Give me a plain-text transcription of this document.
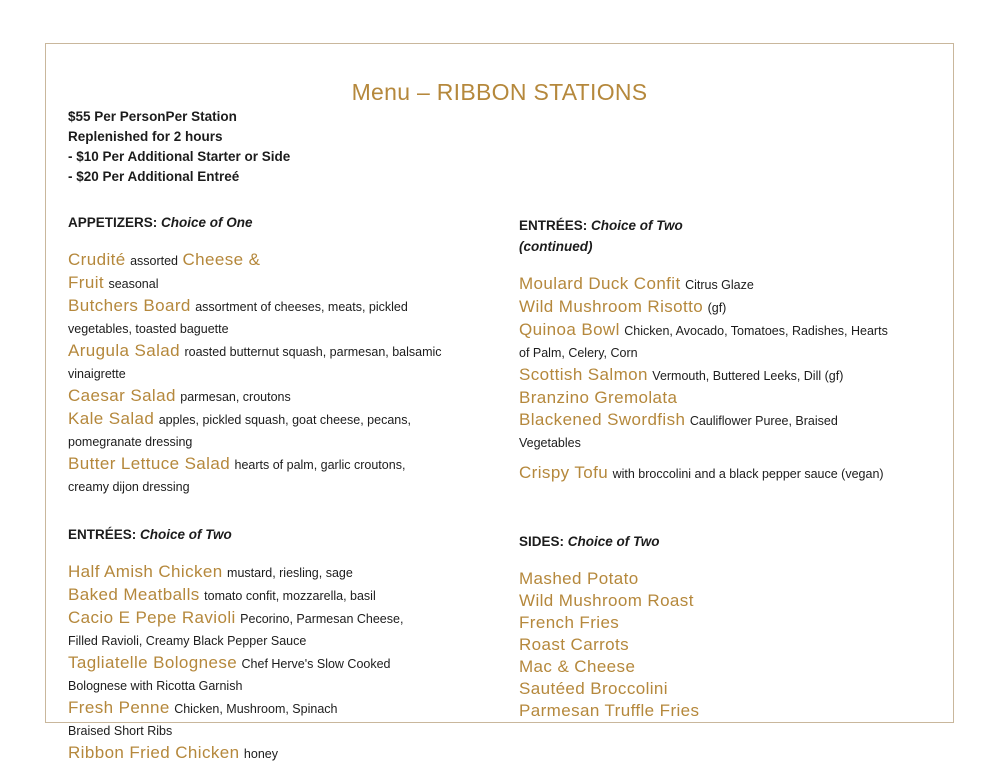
Menu – RIBBON STATIONS
$55 Per PersonPer Station
Replenished for 2 hours
- $10 Per Additional Starter or Side
- $20 Per Additional Entreé
APPETIZERS: Choice of One

Crudité assorted Cheese &
Fruit seasonal

Butchers Board assortment of cheeses, meats, pickled
vegetables, toasted baguette

Arugula Salad roasted butternut squash, parmesan, balsamic
vinaigrette

Caesar Salad parmesan, croutons

Kale Salad apples, pickled squash, goat cheese, pecans,
pomegranate dressing

Butter Lettuce Salad hearts of palm, garlic croutons,
creamy dijon dressing

ENTRÉES: Choice of Two

Half Amish Chicken mustard, riesling, sage

Baked Meatballs tomato confit, mozzarella, basil

Cacio E Pepe Ravioli Pecorino, Parmesan Cheese,
Filled Ravioli, Creamy Black Pepper Sauce

Tagliatelle Bolognese Chef Herve's Slow Cooked
Bolognese with Ricotta Garnish

Fresh Penne Chicken, Mushroom, Spinach

Braised Short Ribs

Ribbon Fried Chicken honey

ENTRÉES: Choice of Two
(continued)

Moulard Duck Confit Citrus Glaze

Wild Mushroom Risotto (gf)

Quinoa Bowl Chicken, Avocado, Tomatoes, Radishes, Hearts
of Palm, Celery, Corn

Scottish Salmon Vermouth, Buttered Leeks, Dill (gf)

Branzino Gremolata

Blackened Swordfish Cauliflower Puree, Braised
Vegetables

Crispy Tofu with broccolini and a black pepper sauce (vegan)

SIDES: Choice of Two

Mashed Potato

Wild Mushroom Roast

French Fries

Roast Carrots

Mac & Cheese

Sautéed Broccolini

Parmesan Truffle Fries
